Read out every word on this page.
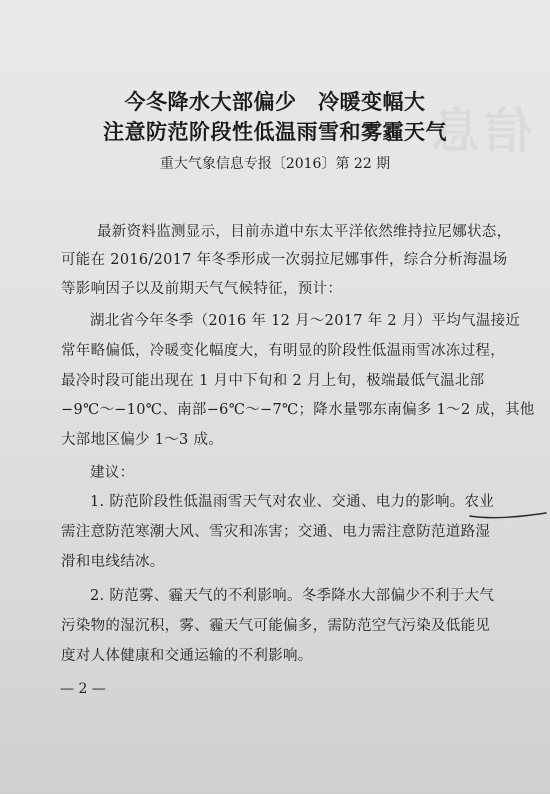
信息
今冬降水大部偏少　冷暖变幅大
注意防范阶段性低温雨雪和雾霾天气
重大气象信息专报〔2016〕第 22 期
最新资料监测显示，目前赤道中东太平洋依然维持拉尼娜状态，
可能在 2016/2017 年冬季形成一次弱拉尼娜事件，综合分析海温场
等影响因子以及前期天气气候特征，预计：
湖北省今年冬季（2016 年 12 月～2017 年 2 月）平均气温接近
常年略偏低，冷暖变化幅度大，有明显的阶段性低温雨雪冰冻过程，
最冷时段可能出现在 1 月中下旬和 2 月上旬，极端最低气温北部
−9℃～−10℃、南部−6℃～−7℃；降水量鄂东南偏多 1～2 成，其他
大部地区偏少 1～3 成。
建议：
1. 防范阶段性低温雨雪天气对农业、交通、电力的影响。农业
需注意防范寒潮大风、雪灾和冻害；交通、电力需注意防范道路湿
滑和电线结冰。
2. 防范雾、霾天气的不利影响。冬季降水大部偏少不利于大气
污染物的湿沉积，雾、霾天气可能偏多，需防范空气污染及低能见
度对人体健康和交通运输的不利影响。
— 2 —
